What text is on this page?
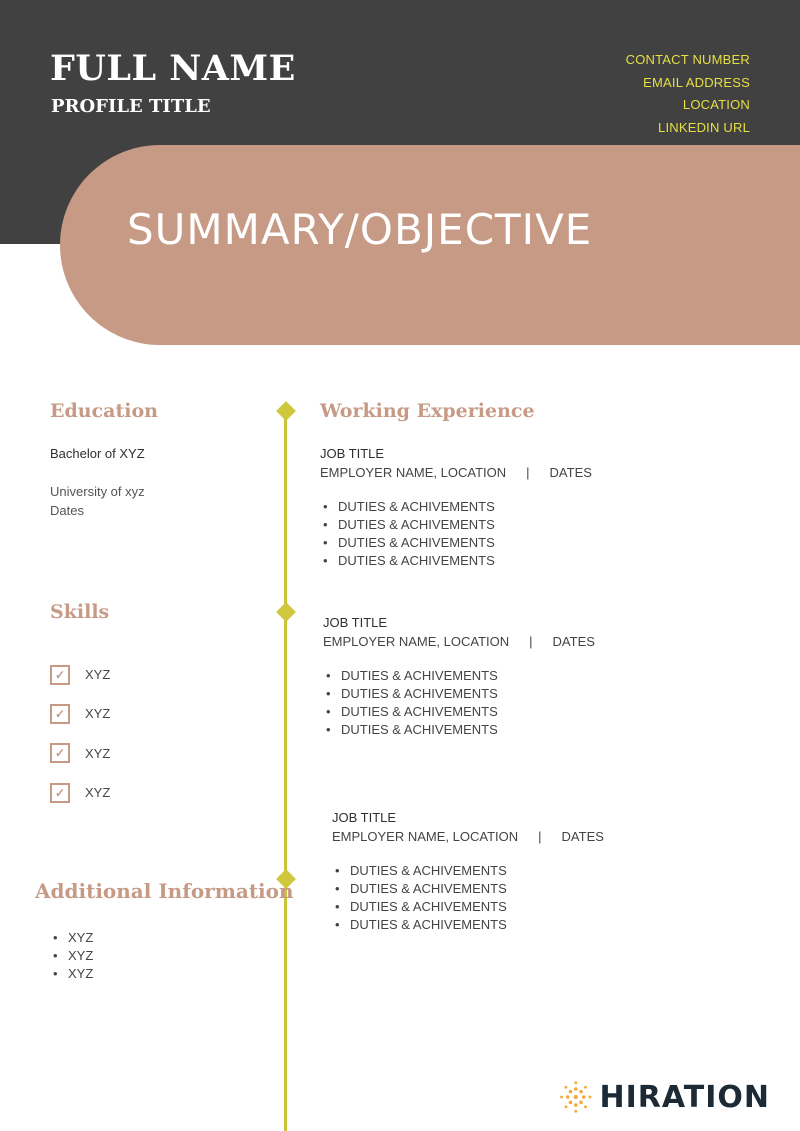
FULL NAME
PROFILE TITLE
CONTACT NUMBER
EMAIL ADDRESS
LOCATION
LINKEDIN URL
SUMMARY/OBJECTIVE
Education
Bachelor of XYZ
University of xyz
Dates
Skills
✓ XYZ
✓ XYZ
✓ XYZ
✓ XYZ
Additional Information
• XYZ
• XYZ
• XYZ
Working Experience
JOB TITLE
EMPLOYER NAME, LOCATION | DATES
• DUTIES & ACHIVEMENTS
• DUTIES & ACHIVEMENTS
• DUTIES & ACHIVEMENTS
• DUTIES & ACHIVEMENTS
JOB TITLE
EMPLOYER NAME, LOCATION | DATES
• DUTIES & ACHIVEMENTS
• DUTIES & ACHIVEMENTS
• DUTIES & ACHIVEMENTS
• DUTIES & ACHIVEMENTS
JOB TITLE
EMPLOYER NAME, LOCATION | DATES
• DUTIES & ACHIVEMENTS
• DUTIES & ACHIVEMENTS
• DUTIES & ACHIVEMENTS
• DUTIES & ACHIVEMENTS
HIRATION
